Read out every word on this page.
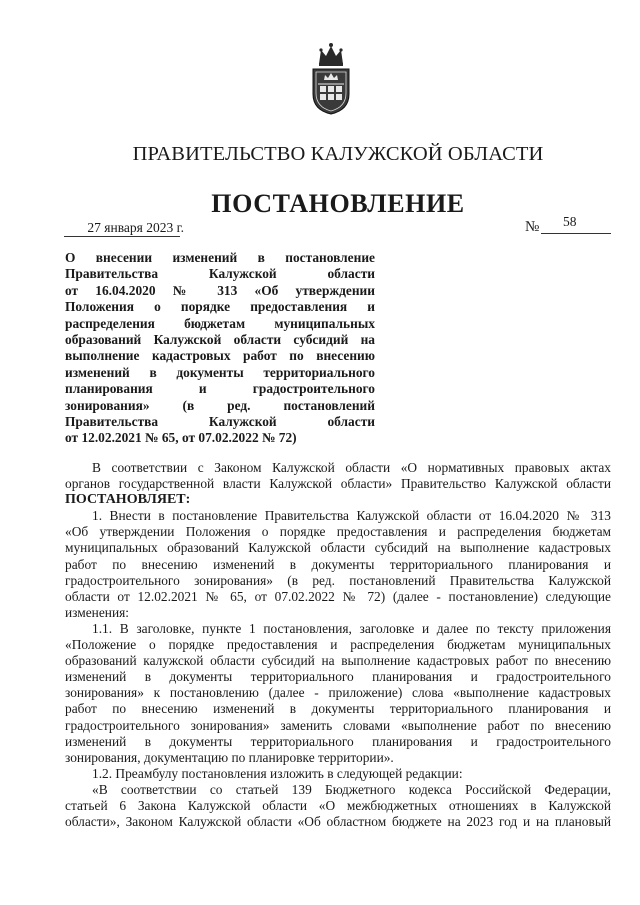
ПРАВИТЕЛЬСТВО КАЛУЖСКОЙ ОБЛАСТИ
ПОСТАНОВЛЕНИЕ
27 января 2023 г.	№ 58
О внесении изменений в постановление
Правительства Калужской области
от 16.04.2020 № 313 «Об утверждении
Положения о порядке предоставления и
распределения бюджетам муниципальных
образований Калужской области субсидий на
выполнение кадастровых работ по внесению
изменений в документы территориального
планирования и градостроительного
зонирования» (в ред. постановлений
Правительства Калужской области
от 12.02.2021 № 65, от 07.02.2022 № 72)
В соответствии с Законом Калужской области «О нормативных правовых актах
органов государственной власти Калужской области» Правительство Калужской области
ПОСТАНОВЛЯЕТ:
1. Внести в постановление Правительства Калужской области от 16.04.2020 № 313
«Об утверждении Положения о порядке предоставления и распределения бюджетам
муниципальных образований Калужской области субсидий на выполнение кадастровых
работ по внесению изменений в документы территориального планирования и
градостроительного зонирования» (в ред. постановлений Правительства Калужской
области от 12.02.2021 № 65, от 07.02.2022 № 72) (далее - постановление) следующие
изменения:
1.1. В заголовке, пункте 1 постановления, заголовке и далее по тексту приложения
«Положение о порядке предоставления и распределения бюджетам муниципальных
образований калужской области субсидий на выполнение кадастровых работ по внесению
изменений в документы территориального планирования и градостроительного
зонирования» к постановлению (далее - приложение) слова «выполнение кадастровых
работ по внесению изменений в документы территориального планирования и
градостроительного зонирования» заменить словами «выполнение работ по внесению
изменений в документы территориального планирования и градостроительного
зонирования, документацию по планировке территории».
1.2. Преамбулу постановления изложить в следующей редакции:
«В соответствии со статьей 139 Бюджетного кодекса Российской Федерации,
статьей 6 Закона Калужской области «О межбюджетных отношениях в Калужской
области», Законом Калужской области «Об областном бюджете на 2023 год и на плановый
